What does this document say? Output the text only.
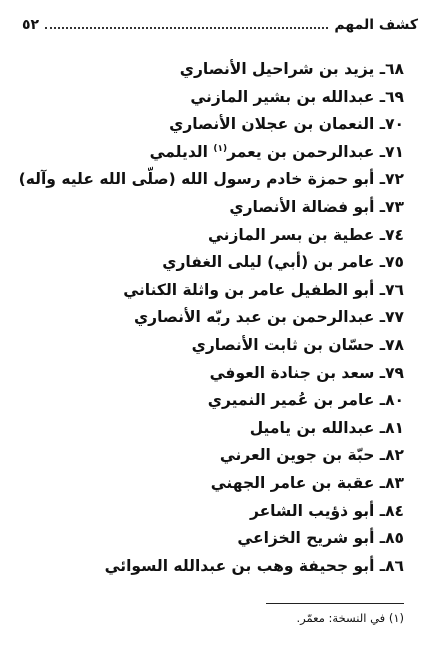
كشف المهم
٥٢
٦٨ـ يزيد بن شراحيل الأنصاري
٦٩ـ عبدالله بن بشير المازني
٧٠ـ النعمان بن عجلان الأنصاري
٧١ـ عبدالرحمن بن يعمر$^{(١)}$ الديلمي
٧٢ـ أبو حمزة خادم رسول الله (صلّى الله عليه وآله)
٧٣ـ أبو فضالة الأنصاري
٧٤ـ عطية بن بسر المازني
٧٥ـ عامر بن (أبي) ليلى الغفاري
٧٦ـ أبو الطفيل عامر بن واثلة الكناني
٧٧ـ عبدالرحمن بن عبد ربّه الأنصاري
٧٨ـ حسّان بن ثابت الأنصاري
٧٩ـ سعد بن جنادة العوفي
٨٠ـ عامر بن عُمير النميري
٨١ـ عبدالله بن ياميل
٨٢ـ حبّة بن جوين العرني
٨٣ـ عقبة بن عامر الجهني
٨٤ـ أبو ذؤيب الشاعر
٨٥ـ أبو شريح الخزاعي
٨٦ـ أبو جحيفة وهب بن عبدالله السوائي
(١) في النسخة: معمّر.
